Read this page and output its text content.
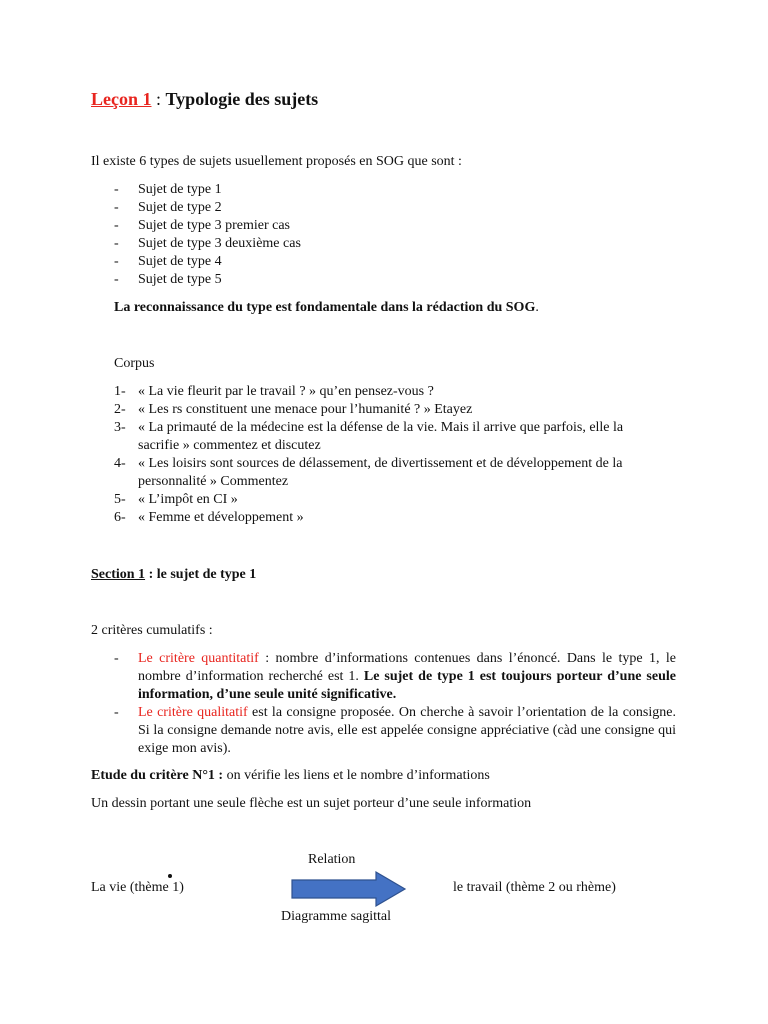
Leçon 1 : Typologie des sujets
Il existe 6 types de sujets usuellement proposés en SOG que sont :
- Sujet de type 1
- Sujet de type 2
- Sujet de type 3 premier cas
- Sujet de type 3 deuxième cas
- Sujet de type 4
- Sujet de type 5
La reconnaissance du type est fondamentale dans la rédaction du SOG.
Corpus
1- « La vie fleurit par le travail ? » qu’en pensez-vous ?
2- « Les rs constituent une menace pour l’humanité ? » Etayez
3- « La primauté de la médecine est la défense de la vie. Mais il arrive que parfois, elle la
sacrifie » commentez et discutez
4- « Les loisirs sont sources de délassement, de divertissement et de développement de la
personnalité » Commentez
5- « L’impôt en CI »
6- « Femme et développement »
Section 1 : le sujet de type 1
2 critères cumulatifs :
- Le critère quantitatif : nombre d’informations contenues dans l’énoncé. Dans le type 1, le nombre d’information recherché est 1. Le sujet de type 1 est toujours porteur d’une seule information, d’une seule unité significative.
- Le critère qualitatif est la consigne proposée. On cherche à savoir l’orientation de la consigne. Si la consigne demande notre avis, elle est appelée consigne appréciative (càd une consigne qui exige mon avis).
Etude du critère N°1 : on vérifie les liens et le nombre d’informations
Un dessin portant une seule flèche est un sujet porteur d’une seule information
Relation
La vie (thème 1)	le travail (thème 2 ou rhème)
Diagramme sagittal
